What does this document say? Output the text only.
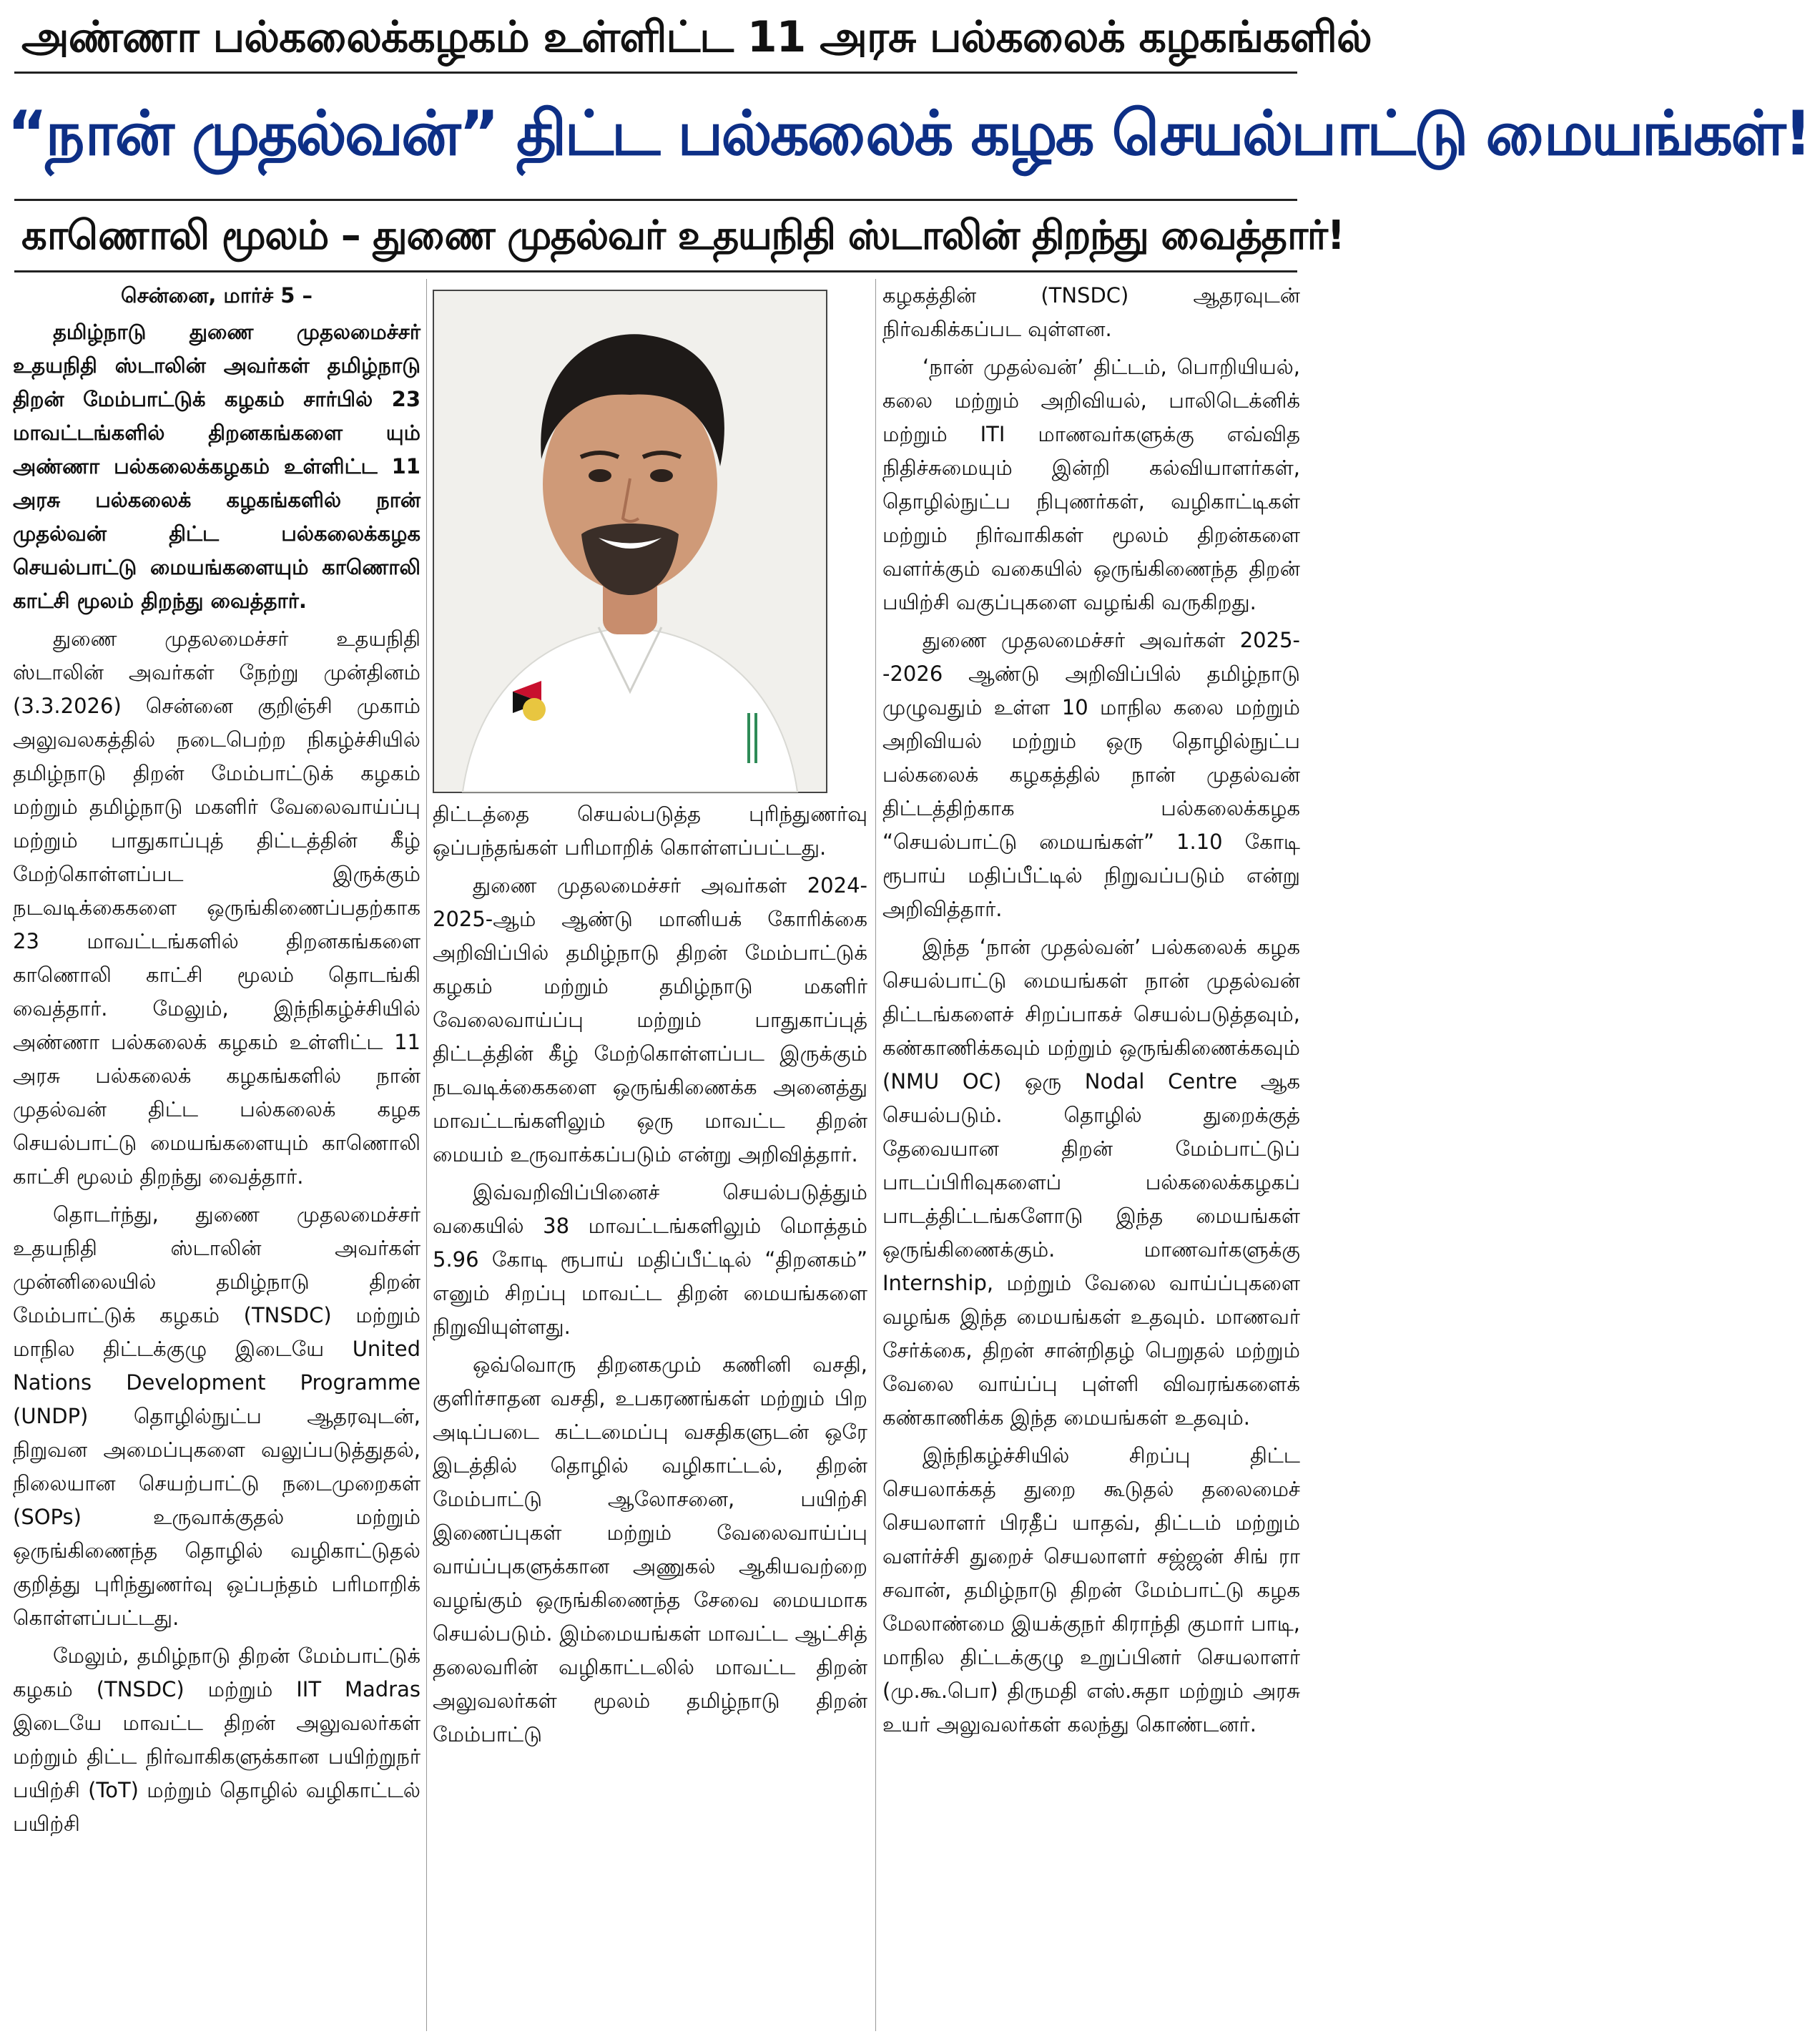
அண்ணா பல்கலைக்கழகம் உள்ளிட்ட 11 அரசு பல்கலைக் கழகங்களில்
“நான் முதல்வன்” திட்ட பல்கலைக் கழக செயல்பாட்டு மையங்கள்!
காணொலி மூலம் – துணை முதல்வர் உதயநிதி ஸ்டாலின் திறந்து வைத்தார்!
சென்னை, மார்ச் 5 –

தமிழ்நாடு துணை முதலமைச்சர் உதயநிதி ஸ்டாலின் அவர்கள் தமிழ்நாடு திறன் மேம்பாட்டுக் கழகம் சார்பில் 23 மாவட்டங்களில் திறனகங்களை யும் அண்ணா பல்கலைக்கழகம் உள்ளிட்ட 11 அரசு பல்கலைக் கழகங்களில் நான் முதல்வன் திட்ட பல்கலைக்கழக செயல்பாட்டு மையங்களையும் காணொலி காட்சி மூலம் திறந்து வைத்தார்.

துணை முதலமைச்சர் உதயநிதி ஸ்டாலின் அவர்கள் நேற்று முன்தினம் (3.3.2026) சென்னை குறிஞ்சி முகாம் அலுவலகத்தில் நடைபெற்ற நிகழ்ச்சியில் தமிழ்நாடு திறன் மேம்பாட்டுக் கழகம் மற்றும் தமிழ்நாடு மகளிர் வேலைவாய்ப்பு மற்றும் பாதுகாப்புத் திட்டத்தின் கீழ் மேற்கொள்ளப்பட இருக்கும் நடவடிக்கைகளை ஒருங்கிணைப்பதற்காக 23 மாவட்டங்களில் திறனகங்களை காணொலி காட்சி மூலம் தொடங்கி வைத்தார். மேலும், இந்நிகழ்ச்சியில் அண்ணா பல்கலைக் கழகம் உள்ளிட்ட 11 அரசு பல்கலைக் கழகங்களில் நான் முதல்வன் திட்ட பல்கலைக் கழக செயல்பாட்டு மையங்களையும் காணொலி காட்சி மூலம் திறந்து வைத்தார்.

தொடர்ந்து, துணை முதலமைச்சர் உதயநிதி ஸ்டாலின் அவர்கள் முன்னிலையில் தமிழ்நாடு திறன் மேம்பாட்டுக் கழகம் (TNSDC) மற்றும் மாநில திட்டக்குழு இடையே United Nations Development Programme (UNDP) தொழில்நுட்ப ஆதரவுடன், நிறுவன அமைப்புகளை வலுப்படுத்துதல், நிலையான செயற்பாட்டு நடைமுறைகள் (SOPs) உருவாக்குதல் மற்றும் ஒருங்கிணைந்த தொழில் வழிகாட்டுதல் குறித்து புரிந்துணர்வு ஒப்பந்தம் பரிமாறிக் கொள்ளப்பட்டது.

மேலும், தமிழ்நாடு திறன் மேம்பாட்டுக் கழகம் (TNSDC) மற்றும் IIT Madras இடையே மாவட்ட திறன் அலுவலர்கள் மற்றும் திட்ட நிர்வாகிகளுக்கான பயிற்றுநர் பயிற்சி (ToT) மற்றும் தொழில் வழிகாட்டல் பயிற்சி

திட்டத்தை செயல்படுத்த புரிந்துணர்வு ஒப்பந்தங்கள் பரிமாறிக் கொள்ளப்பட்டது.

துணை முதலமைச்சர் அவர்கள் 2024-2025-ஆம் ஆண்டு மானியக் கோரிக்கை அறிவிப்பில் தமிழ்நாடு திறன் மேம்பாட்டுக் கழகம் மற்றும் தமிழ்நாடு மகளிர் வேலைவாய்ப்பு மற்றும் பாதுகாப்புத் திட்டத்தின் கீழ் மேற்கொள்ளப்பட இருக்கும் நடவடிக்கைகளை ஒருங்கிணைக்க அனைத்து மாவட்டங்களிலும் ஒரு மாவட்ட திறன் மையம் உருவாக்கப்படும் என்று அறிவித்தார்.

இவ்வறிவிப்பினைச் செயல்படுத்தும் வகையில் 38 மாவட்டங்களிலும் மொத்தம் 5.96 கோடி ரூபாய் மதிப்பீட்டில் “திறனகம்” எனும் சிறப்பு மாவட்ட திறன் மையங்களை நிறுவியுள்ளது.

ஒவ்வொரு திறனகமும் கணினி வசதி, குளிர்சாதன வசதி, உபகரணங்கள் மற்றும் பிற அடிப்படை கட்டமைப்பு வசதிகளுடன் ஒரே இடத்தில் தொழில் வழிகாட்டல், திறன் மேம்பாட்டு ஆலோசனை, பயிற்சி இணைப்புகள் மற்றும் வேலைவாய்ப்பு வாய்ப்புகளுக்கான அணுகல் ஆகியவற்றை வழங்கும் ஒருங்கிணைந்த சேவை மையமாக செயல்படும். இம்மையங்கள் மாவட்ட ஆட்சித் தலைவரின் வழிகாட்டலில் மாவட்ட திறன் அலுவலர்கள் மூலம் தமிழ்நாடு திறன் மேம்பாட்டு

கழகத்தின் (TNSDC) ஆதரவுடன் நிர்வகிக்கப்பட வுள்ளன.

‘நான் முதல்வன்’ திட்டம், பொறியியல், கலை மற்றும் அறிவியல், பாலிடெக்னிக் மற்றும் ITI மாணவர்களுக்கு எவ்வித நிதிச்சுமையும் இன்றி கல்வியாளர்கள், தொழில்நுட்ப நிபுணர்கள், வழிகாட்டிகள் மற்றும் நிர்வாகிகள் மூலம் திறன்களை வளர்க்கும் வகையில் ஒருங்கிணைந்த திறன் பயிற்சி வகுப்புகளை வழங்கி வருகிறது.

துணை முதலமைச்சர் அவர்கள் 2025--2026 ஆண்டு அறிவிப்பில் தமிழ்நாடு முழுவதும் உள்ள 10 மாநில கலை மற்றும் அறிவியல் மற்றும் ஒரு தொழில்நுட்ப பல்கலைக் கழகத்தில் நான் முதல்வன் திட்டத்திற்காக பல்கலைக்கழக “செயல்பாட்டு மையங்கள்” 1.10 கோடி ரூபாய் மதிப்பீட்டில் நிறுவப்படும் என்று அறிவித்தார்.

இந்த ‘நான் முதல்வன்’ பல்கலைக் கழக செயல்பாட்டு மையங்கள் நான் முதல்வன் திட்டங்களைச் சிறப்பாகச் செயல்படுத்தவும், கண்காணிக்கவும் மற்றும் ஒருங்கிணைக்கவும் (NMU OC) ஒரு Nodal Centre ஆக செயல்படும். தொழில் துறைக்குத் தேவையான திறன் மேம்பாட்டுப் பாடப்பிரிவுகளைப் பல்கலைக்கழகப் பாடத்திட்டங்களோடு இந்த மையங்கள் ஒருங்கிணைக்கும். மாணவர்களுக்கு Internship, மற்றும் வேலை வாய்ப்புகளை வழங்க இந்த மையங்கள் உதவும். மாணவர் சேர்க்கை, திறன் சான்றிதழ் பெறுதல் மற்றும் வேலை வாய்ப்பு புள்ளி விவரங்களைக் கண்காணிக்க இந்த மையங்கள் உதவும்.

இந்நிகழ்ச்சியில் சிறப்பு திட்ட செயலாக்கத் துறை கூடுதல் தலைமைச் செயலாளர் பிரதீப் யாதவ், திட்டம் மற்றும் வளர்ச்சி துறைச் செயலாளர் சஜ்ஜன் சிங் ரா சவான், தமிழ்நாடு திறன் மேம்பாட்டு கழக மேலாண்மை இயக்குநர் கிராந்தி குமார் பாடி, மாநில திட்டக்குழு உறுப்பினர் செயலாளர் (மு.கூ.பொ) திருமதி எஸ்.சுதா மற்றும் அரசு உயர் அலுவலர்கள் கலந்து கொண்டனர்.
